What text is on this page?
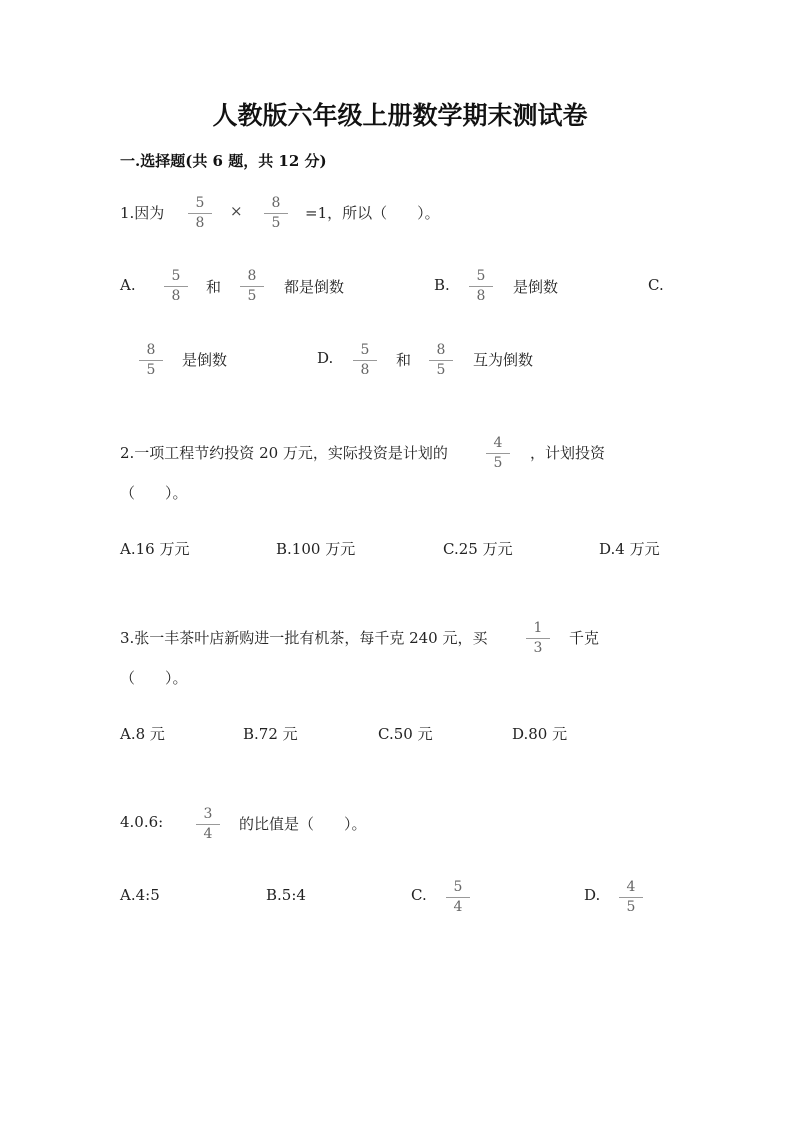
人教版六年级上册数学期末测试卷
一.选择题(共 6 题，共 12 分)
1.因为 $\frac{5}{8} \times \frac{8}{5} =1$，所以（　　）。
A. $\frac{5}{8}$ 和 $\frac{8}{5}$ 都是倒数	B. $\frac{5}{8}$ 是倒数	C.
$\frac{8}{5}$ 是倒数	D. $\frac{5}{8}$ 和 $\frac{8}{5}$ 互为倒数
2.一项工程节约投资 20 万元，实际投资是计划的	$\frac{4}{5}$ ，计划投资
（　　）。
A.16 万元	B.100 万元	C.25 万元	D.4 万元
3.张一丰茶叶店新购进一批有机茶，每千克 240 元，买	$\frac{1}{3}$ 千克
（　　）。
A.8 元	B.72 元	C.50 元	D.80 元
4.0.6: $\frac{3}{4}$ 的比值是（　　）。
A.4:5	B.5:4	C. $\frac{5}{4}$	D. $\frac{4}{5}$
